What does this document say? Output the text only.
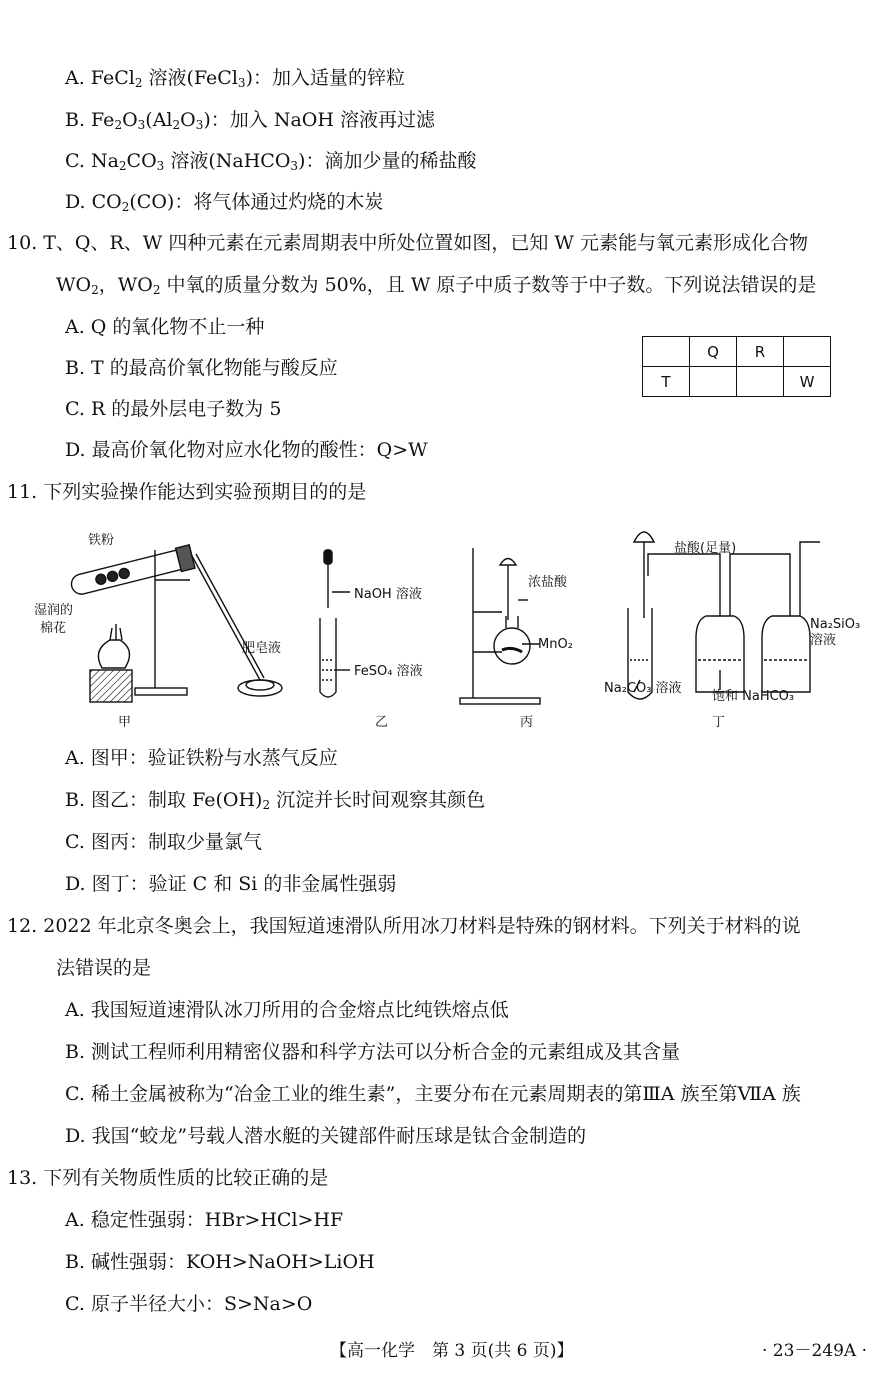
A. FeCl$_2$ 溶液(FeCl$_3$)：加入适量的锌粒
B. $Fe_2O_3(Al_2O_3)$：加入 NaOH 溶液再过滤
C. $Na_2CO_3$ 溶液(NaHCO$_3$)：滴加少量的稀盐酸
D. $CO_2(CO)$：将气体通过灼烧的木炭
10. T、Q、R、W 四种元素在元素周期表中所处位置如图，已知 W 元素能与氧元素形成化合物
$WO_2$，$WO_2$ 中氧的质量分数为 50%，且 W 原子中质子数等于中子数。下列说法错误的是
A. Q 的氧化物不止一种
B. T 的最高价氧化物能与酸反应
C. R 的最外层电子数为 5
D. 最高价氧化物对应水化物的酸性：Q>W
	Q	R	
T			W
11. 下列实验操作能达到实验预期目的的是
铁粉
湿润的
棉花
肥皂液
NaOH 溶液
FeSO₄ 溶液
浓盐酸
MnO₂
盐酸(足量)
Na₂SiO₃
溶液
Na₂CO₃ 溶液
饱和 NaHCO₃
甲	乙	丙	丁
A. 图甲：验证铁粉与水蒸气反应
B. 图乙：制取 $Fe(OH)_2$ 沉淀并长时间观察其颜色
C. 图丙：制取少量氯气
D. 图丁：验证 C 和 Si 的非金属性强弱
12. 2022 年北京冬奥会上，我国短道速滑队所用冰刀材料是特殊的钢材料。下列关于材料的说
法错误的是
A. 我国短道速滑队冰刀所用的合金熔点比纯铁熔点低
B. 测试工程师利用精密仪器和科学方法可以分析合金的元素组成及其含量
C. 稀土金属被称为“冶金工业的维生素”，主要分布在元素周期表的第ⅢA 族至第ⅦA 族
D. 我国“蛟龙”号载人潜水艇的关键部件耐压球是钛合金制造的
13. 下列有关物质性质的比较正确的是
A. 稳定性强弱：HBr>HCl>HF
B. 碱性强弱：KOH>NaOH>LiOH
C. 原子半径大小：S>Na>O
【高一化学　第 3 页(共 6 页)】	· 23－249A ·
